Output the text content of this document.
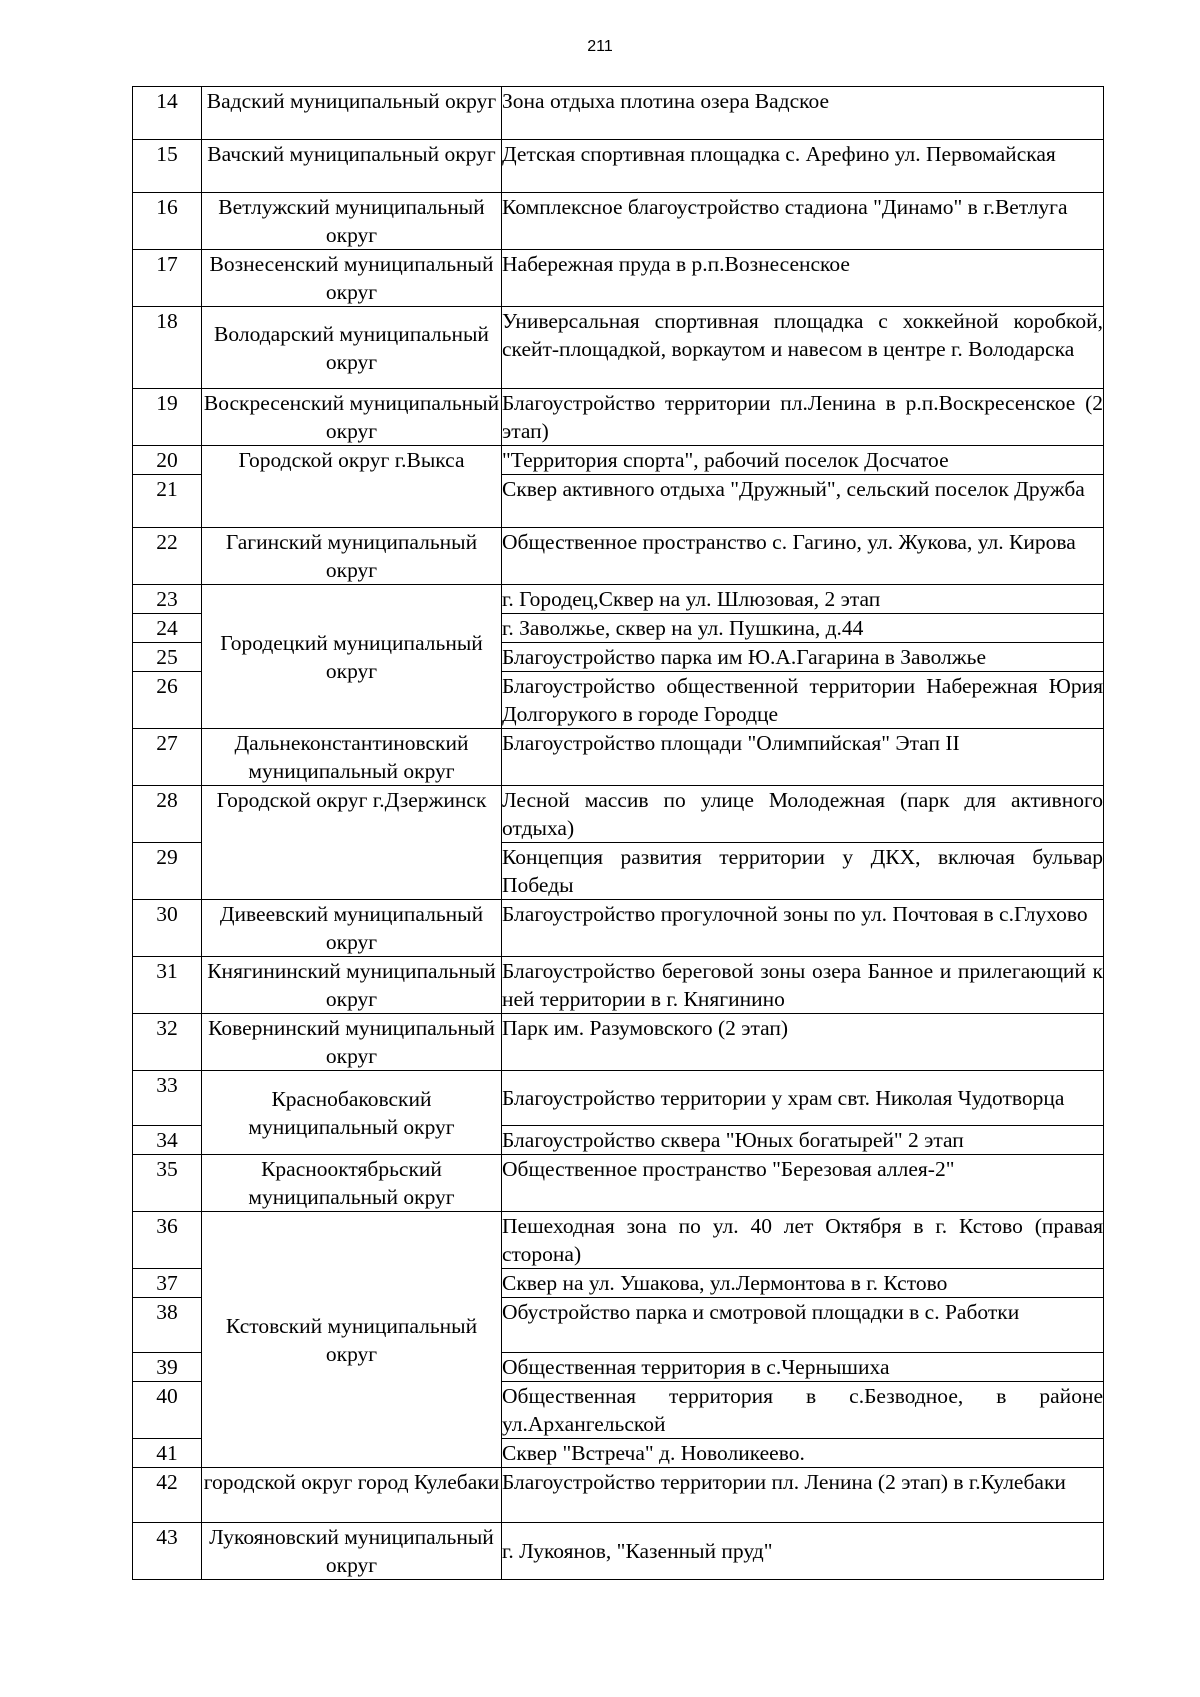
211
14	Вадский муниципальный округ	Зона отдыха плотина озера Вадское
15	Вачский муниципальный округ	Детская спортивная площадка с. Арефино ул. Первомайская
16	Ветлужский муниципальный округ	Комплексное благоустройство стадиона "Динамо" в г.Ветлуга
17	Вознесенский муниципальный округ	Набережная пруда в р.п.Вознесенское
18	Володарский муниципальный округ	Универсальная спортивная площадка с хоккейной коробкой, скейт-площадкой, воркаутом и навесом в центре г. Володарска
19	Воскресенский муниципальный округ	Благоустройство территории пл.Ленина в р.п.Воскресенское (2 этап)
20	Городской округ г.Выкса	"Территория спорта", рабочий поселок Досчатое
21		Сквер активного отдыха "Дружный", сельский поселок Дружба
22	Гагинский муниципальный округ	Общественное пространство с. Гагино, ул. Жукова, ул. Кирова
23	Городецкий муниципальный округ	г. Городец,Сквер на ул. Шлюзовая, 2 этап
24		г. Заволжье, сквер на ул. Пушкина, д.44
25		Благоустройство парка им Ю.А.Гагарина в Заволжье
26		Благоустройство общественной территории Набережная Юрия Долгорукого в городе Городце
27	Дальнеконстантиновский муниципальный округ	Благоустройство площади "Олимпийская" Этап II
28	Городской округ г.Дзержинск	Лесной массив по улице Молодежная (парк для активного отдыха)
29		Концепция развития территории у ДКХ, включая бульвар Победы
30	Дивеевский муниципальный округ	Благоустройство прогулочной зоны по ул. Почтовая в с.Глухово
31	Княгининский муниципальный округ	Благоустройство береговой зоны озера Банное и прилегающий к ней территории в г. Княгинино
32	Ковернинский муниципальный округ	Парк им. Разумовского (2 этап)
33	Краснобаковский муниципальный округ	Благоустройство территории у храм свт. Николая Чудотворца
34		Благоустройство сквера "Юных богатырей" 2 этап
35	Краснооктябрьский муниципальный округ	Общественное пространство "Березовая аллея-2"
36	Кстовский муниципальный округ	Пешеходная зона по ул. 40 лет Октября в г. Кстово (правая сторона)
37		Сквер на ул. Ушакова, ул.Лермонтова в г. Кстово
38		Обустройство парка и смотровой площадки в с. Работки
39		Общественная территория в с.Чернышиха
40		Общественная территория в с.Безводное, в районе ул.Архангельской
41		Сквер "Встреча" д. Новоликеево.
42	городской округ город Кулебаки	Благоустройство территории пл. Ленина (2 этап) в г.Кулебаки
43	Лукояновский муниципальный округ	г. Лукоянов, "Казенный пруд"
